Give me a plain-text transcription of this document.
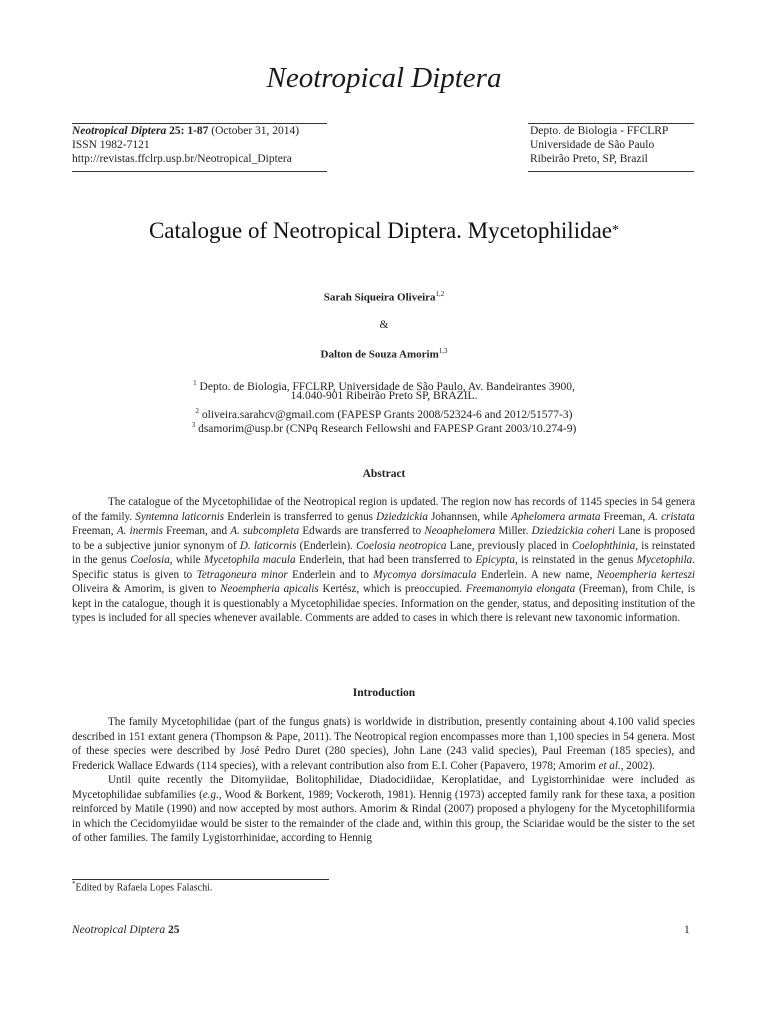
Neotropical Diptera
Neotropical Diptera 25: 1-87 (October 31, 2014)
ISSN 1982-7121
http://revistas.ffclrp.usp.br/Neotropical_Diptera
Depto. de Biologia - FFCLRP
Universidade de São Paulo
Ribeirão Preto, SP, Brazil
Catalogue of Neotropical Diptera. Mycetophilidae*
Sarah Siqueira Oliveira$^{1,2}$
&
Dalton de Souza Amorim$^{1,3}$
$^1$ Depto. de Biologia, FFCLRP, Universidade de São Paulo, Av. Bandeirantes 3900,
14.040-901 Ribeirão Preto SP, BRAZIL.
$^2$ oliveira.sarahcv@gmail.com (FAPESP Grants 2008/52324-6 and 2012/51577-3)
$^3$ dsamorim@usp.br (CNPq Research Fellowshi and FAPESP Grant 2003/10.274-9)
Abstract

The catalogue of the Mycetophilidae of the Neotropical region is updated. The region now has records of 1145 species in 54 genera of the family. Syntemna laticornis Enderlein is transferred to genus Dziedzickia Johannsen, while Aphelomera armata Freeman, A. cristata Freeman, A. inermis Freeman, and A. subcompleta Edwards are transferred to Neoaphelomera Miller. Dziedzickia coheri Lane is proposed to be a subjective junior synonym of D. laticornis (Enderlein). Coelosia neotropica Lane, previously placed in Coelophthinia, is reinstated in the genus Coelosia, while Mycetophila macula Enderlein, that had been transferred to Epicypta, is reinstated in the genus Mycetophila. Specific status is given to Tetragoneura minor Enderlein and to Mycomya dorsimacula Enderlein. A new name, Neoempheria kerteszi Oliveira & Amorim, is given to Neoempheria apicalis Kertész, which is preoccupied. Freemanomyia elongata (Freeman), from Chile, is kept in the catalogue, though it is questionably a Mycetophilidae species. Information on the gender, status, and depositing institution of the types is included for all species whenever available. Comments are added to cases in which there is relevant new taxonomic information.

Introduction

The family Mycetophilidae (part of the fungus gnats) is worldwide in distribution, presently containing about 4.100 valid species described in 151 extant genera (Thompson & Pape, 2011). The Neotropical region encompasses more than 1,100 species in 54 genera. Most of these species were described by José Pedro Duret (280 species), John Lane (243 valid species), Paul Freeman (185 species), and Frederick Wallace Edwards (114 species), with a relevant contribution also from E.I. Coher (Papavero, 1978; Amorim et al., 2002).

Until quite recently the Ditomyiidae, Bolitophilidae, Diadocidiidae, Keroplatidae, and Lygistorrhinidae were included as Mycetophilidae subfamilies (e.g., Wood & Borkent, 1989; Vockeroth, 1981). Hennig (1973) accepted family rank for these taxa, a position reinforced by Matile (1990) and now accepted by most authors. Amorim & Rindal (2007) proposed a phylogeny for the Mycetophiliformia in which the Cecidomyiidae would be sister to the remainder of the clade and, within this group, the Sciaridae would be the sister to the set of other families. The family Lygistorrhinidae, according to Hennig

*Edited by Rafaela Lopes Falaschi.
Neotropical Diptera 25	1
